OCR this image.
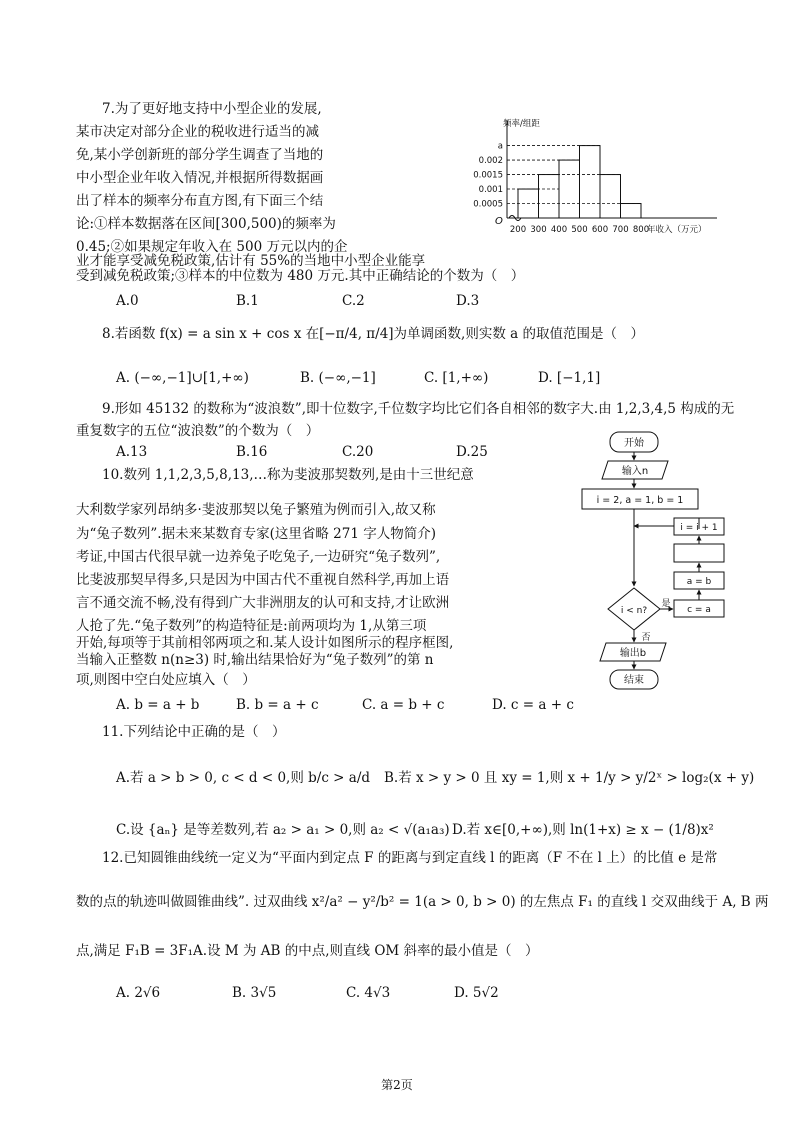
7.为了更好地支持中小型企业的发展,
某市决定对部分企业的税收进行适当的减
免,某小学创新班的部分学生调查了当地的
中小型企业年收入情况,并根据所得数据画
出了样本的频率分布直方图,有下面三个结
论:①样本数据落在区间[300,500)的频率为
0.45;②如果规定年收入在 500 万元以内的企
业才能享受减免税政策,估计有 55%的当地中小型企业能享
受到减免税政策;③样本的中位数为 480 万元.其中正确结论的个数为（　）
A.0	B.1	C.2	D.3
a
0.002
0.0015
0.001
0.0005
200 300 400 500 600 700 800
年收入（万元）
频率/组距
O
8.若函数 f(x) = a sin x + cos x 在[−π/4, π/4]为单调函数,则实数 a 的取值范围是（　）
A. (−∞,−1]∪[1,+∞)	B. (−∞,−1]	C. [1,+∞)	D. [−1,1]
9.形如 45132 的数称为“波浪数”,即十位数字,千位数字均比它们各自相邻的数字大.由 1,2,3,4,5 构成的无
重复数字的五位“波浪数”的个数为（　）
A.13	B.16	C.20	D.25
10.数列 1,1,2,3,5,8,13,…称为斐波那契数列,是由十三世纪意
大利数学家列昂纳多·斐波那契以兔子繁殖为例而引入,故又称
为“兔子数列”.据未来某数育专家(这里省略 271 字人物简介)
考证,中国古代很早就一边养兔子吃兔子,一边研究“兔子数列”,
比斐波那契早得多,只是因为中国古代不重视自然科学,再加上语
言不通交流不畅,没有得到广大非洲朋友的认可和支持,才让欧洲
人抢了先.“兔子数列”的构造特征是:前两项均为 1,从第三项
开始,每项等于其前相邻两项之和.某人设计如图所示的程序框图,
当输入正整数 n(n≥3) 时,输出结果恰好为“兔子数列”的第 n
项,则图中空白处应填入（　）
A. b = a + b	B. b = a + c	C. a = b + c	D. c = a + c
开始
输入n
i = 2, a = 1, b = 1
i = i + 1
a = b
c = a
i < n?
是
否
输出b
结束
11.下列结论中正确的是（　）
A.若 a > b > 0, c < d < 0,则 b/c > a/d B.若 x > y > 0 且 xy = 1,则 x + 1/y > y/2ˣ > log₂(x + y)
C.设 {aₙ} 是等差数列,若 a₂ > a₁ > 0,则 a₂ < √(a₁a₃) D.若 x∈[0,+∞),则 ln(1+x) ≥ x − (1/8)x²
12.已知圆锥曲线统一定义为“平面内到定点 F 的距离与到定直线 l 的距离（F 不在 l 上）的比值 e 是常
数的点的轨迹叫做圆锥曲线”. 过双曲线 x²/a² − y²/b² = 1(a > 0, b > 0) 的左焦点 F₁ 的直线 l 交双曲线于 A, B 两
点,满足 F₁B = 3F₁A.设 M 为 AB 的中点,则直线 OM 斜率的最小值是（　）
A. 2√6	B. 3√5	C. 4√3	D. 5√2
第2页
